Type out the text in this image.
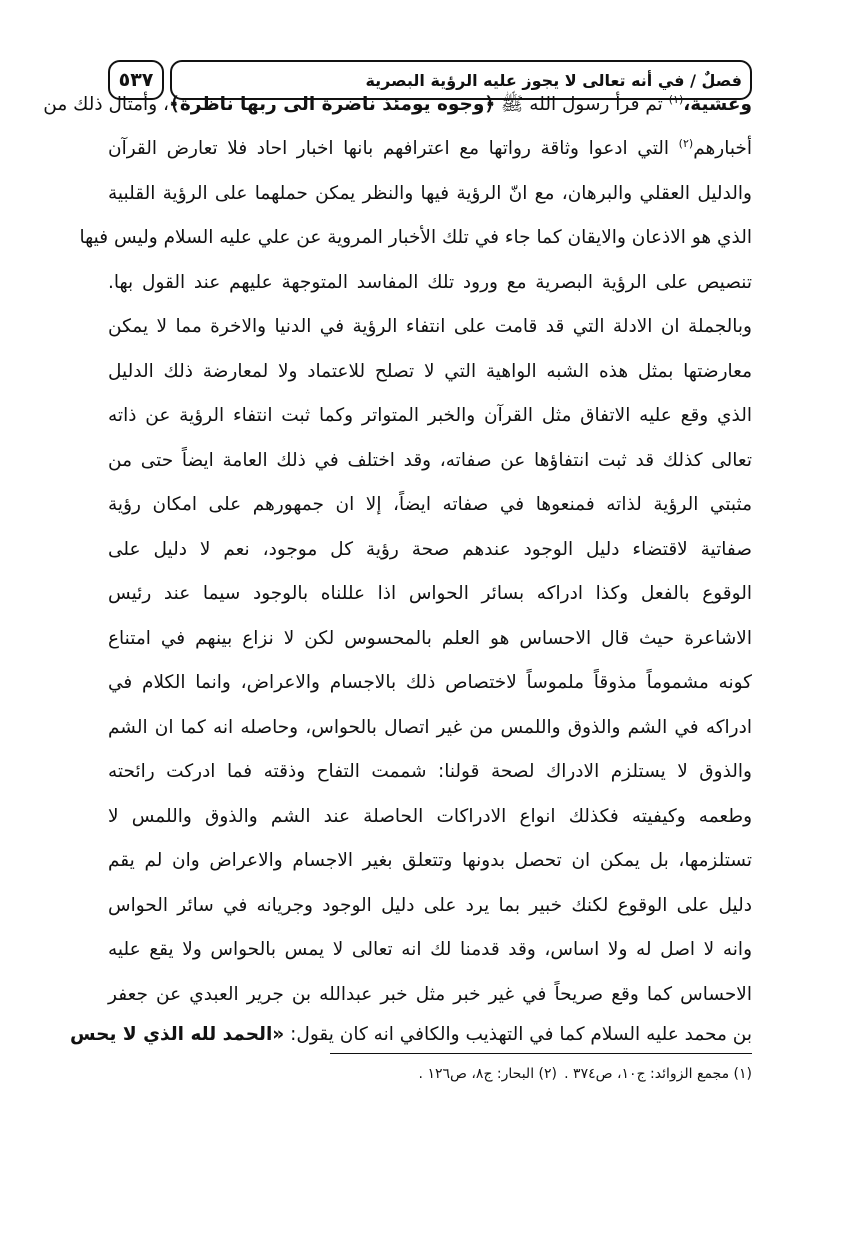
٥٣٧	فصلٌ / في أنه تعالى لا يجوز عليه الرؤية البصرية
وعشية،$^{(١)}$ ثم قرأ رسول الله ﷺ ﴿وجوه يومئذ ناضرة الى ربها ناظرة﴾، وأمثال ذلك من
أخبارهم$^{(٢)}$ التي ادعوا وثاقة رواتها مع اعترافهم بانها اخبار احاد فلا تعارض القرآن
والدليل العقلي والبرهان، مع انّ الرؤية فيها والنظر يمكن حملهما على الرؤية القلبية
الذي هو الاذعان والايقان كما جاء في تلك الأخبار المروية عن علي عليه السلام وليس فيها
تنصيص على الرؤية البصرية مع ورود تلك المفاسد المتوجهة عليهم عند القول بها.
وبالجملة ان الادلة التي قد قامت على انتفاء الرؤية في الدنيا والاخرة مما لا يمكن
معارضتها بمثل هذه الشبه الواهية التي لا تصلح للاعتماد ولا لمعارضة ذلك الدليل
الذي وقع عليه الاتفاق مثل القرآن والخبر المتواتر وكما ثبت انتفاء الرؤية عن ذاته
تعالى كذلك قد ثبت انتفاؤها عن صفاته، وقد اختلف في ذلك العامة ايضاً حتى من
مثبتي الرؤية لذاته فمنعوها في صفاته ايضاً، إلا ان جمهورهم على امكان رؤية
صفاتية لاقتضاء دليل الوجود عندهم صحة رؤية كل موجود، نعم لا دليل على
الوقوع بالفعل وكذا ادراكه بسائر الحواس اذا عللناه بالوجود سيما عند رئيس
الاشاعرة حيث قال الاحساس هو العلم بالمحسوس لكن لا نزاع بينهم في امتناع
كونه مشموماً مذوقاً ملموساً لاختصاص ذلك بالاجسام والاعراض، وانما الكلام في
ادراكه في الشم والذوق واللمس من غير اتصال بالحواس، وحاصله انه كما ان الشم
والذوق لا يستلزم الادراك لصحة قولنا: شممت التفاح وذقته فما ادركت رائحته
وطعمه وكيفيته فكذلك انواع الادراكات الحاصلة عند الشم والذوق واللمس لا
تستلزمها، بل يمكن ان تحصل بدونها وتتعلق بغير الاجسام والاعراض وان لم يقم
دليل على الوقوع لكنك خبير بما يرد على دليل الوجود وجريانه في سائر الحواس
وانه لا اصل له ولا اساس، وقد قدمنا لك انه تعالى لا يمس بالحواس ولا يقع عليه
الاحساس كما وقع صريحاً في غير خبر مثل خبر عبدالله بن جرير العبدي عن جعفر
بن محمد عليه السلام كما في التهذيب والكافي انه كان يقول: «الحمد لله الذي لا يحس
(١) مجمع الزوائد: ج١٠، ص٣٧٤ .
(٢) البحار: ج٨، ص١٢٦ .
